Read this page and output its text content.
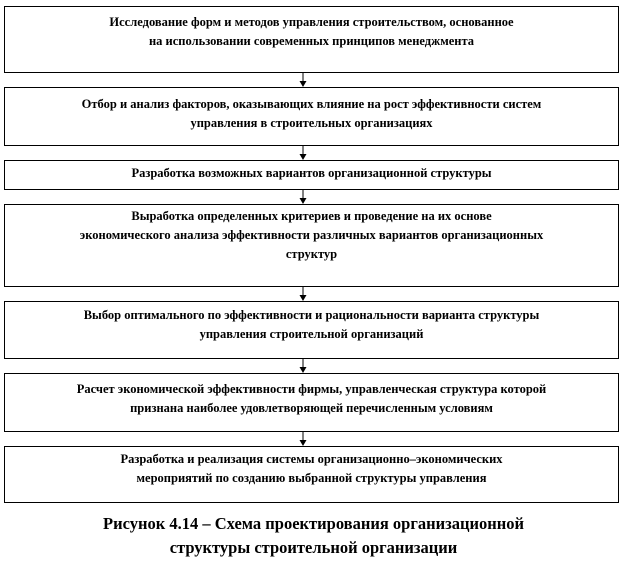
Исследование форм и методов управления строительством, основанное
на использовании современных принципов менеджмента
Отбор и анализ факторов, оказывающих влияние на рост эффективности систем
управления в строительных организациях
Разработка возможных вариантов организационной структуры
Выработка определенных критериев и проведение на их основе
экономического анализа эффективности различных вариантов организационных
структур
Выбор оптимального по эффективности и рациональности варианта структуры
управления строительной организаций
Расчет экономической эффективности фирмы, управленческая структура которой
признана наиболее удовлетворяющей перечисленным условиям
Разработка и реализация системы организационно–экономических
мероприятий по созданию выбранной структуры управления
Рисунок 4.14 – Схема проектирования организационной
структуры строительной организации
